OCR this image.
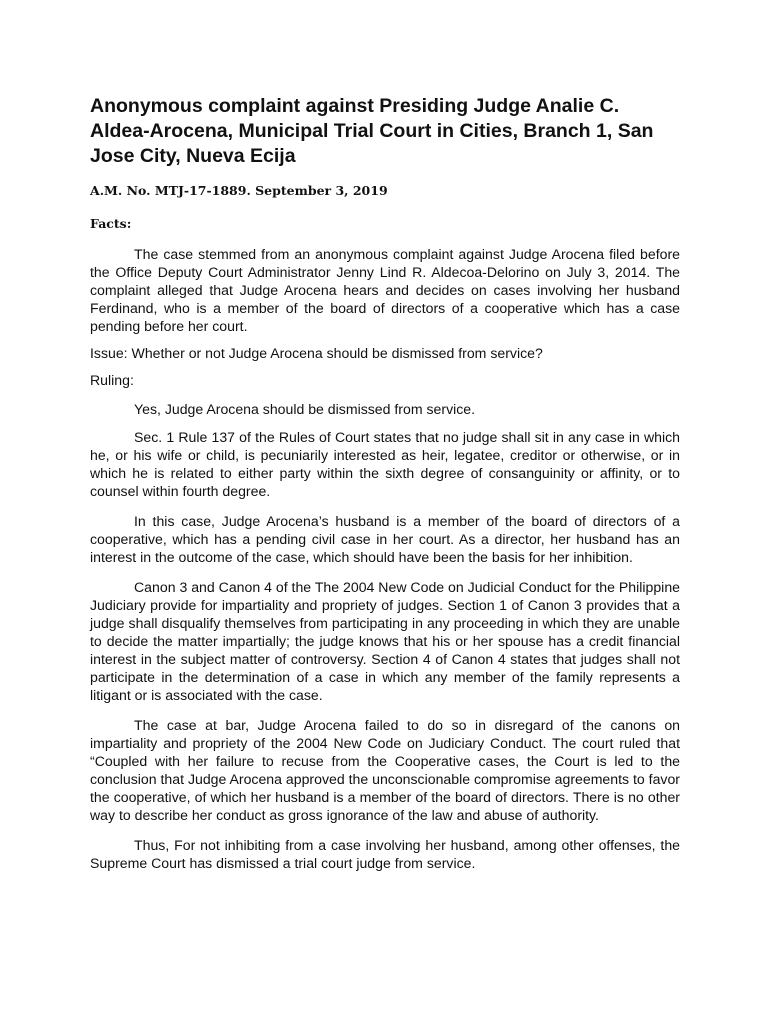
Anonymous complaint against Presiding Judge Analie C. Aldea-Arocena, Municipal Trial Court in Cities, Branch 1, San Jose City, Nueva Ecija

A.M. No. MTJ-17-1889. September 3, 2019

Facts:

The case stemmed from an anonymous complaint against Judge Arocena filed before the Office Deputy Court Administrator Jenny Lind R. Aldecoa-Delorino on July 3, 2014. The complaint alleged that Judge Arocena hears and decides on cases involving her husband Ferdinand, who is a member of the board of directors of a cooperative which has a case pending before her court.

Issue: Whether or not Judge Arocena should be dismissed from service?

Ruling:

Yes, Judge Arocena should be dismissed from service.

Sec. 1 Rule 137 of the Rules of Court states that no judge shall sit in any case in which he, or his wife or child, is pecuniarily interested as heir, legatee, creditor or otherwise, or in which he is related to either party within the sixth degree of consanguinity or affinity, or to counsel within fourth degree.

In this case, Judge Arocena’s husband is a member of the board of directors of a cooperative, which has a pending civil case in her court. As a director, her husband has an interest in the outcome of the case, which should have been the basis for her inhibition.

Canon 3 and Canon 4 of the The 2004 New Code on Judicial Conduct for the Philippine Judiciary provide for impartiality and propriety of judges. Section 1 of Canon 3 provides that a judge shall disqualify themselves from participating in any proceeding in which they are unable to decide the matter impartially; the judge knows that his or her spouse has a credit financial interest in the subject matter of controversy. Section 4 of Canon 4 states that judges shall not participate in the determination of a case in which any member of the family represents a litigant or is associated with the case.

The case at bar, Judge Arocena failed to do so in disregard of the canons on impartiality and propriety of the 2004 New Code on Judiciary Conduct. The court ruled that “Coupled with her failure to recuse from the Cooperative cases, the Court is led to the conclusion that Judge Arocena approved the unconscionable compromise agreements to favor the cooperative, of which her husband is a member of the board of directors. There is no other way to describe her conduct as gross ignorance of the law and abuse of authority.

Thus, For not inhibiting from a case involving her husband, among other offenses, the Supreme Court has dismissed a trial court judge from service.
